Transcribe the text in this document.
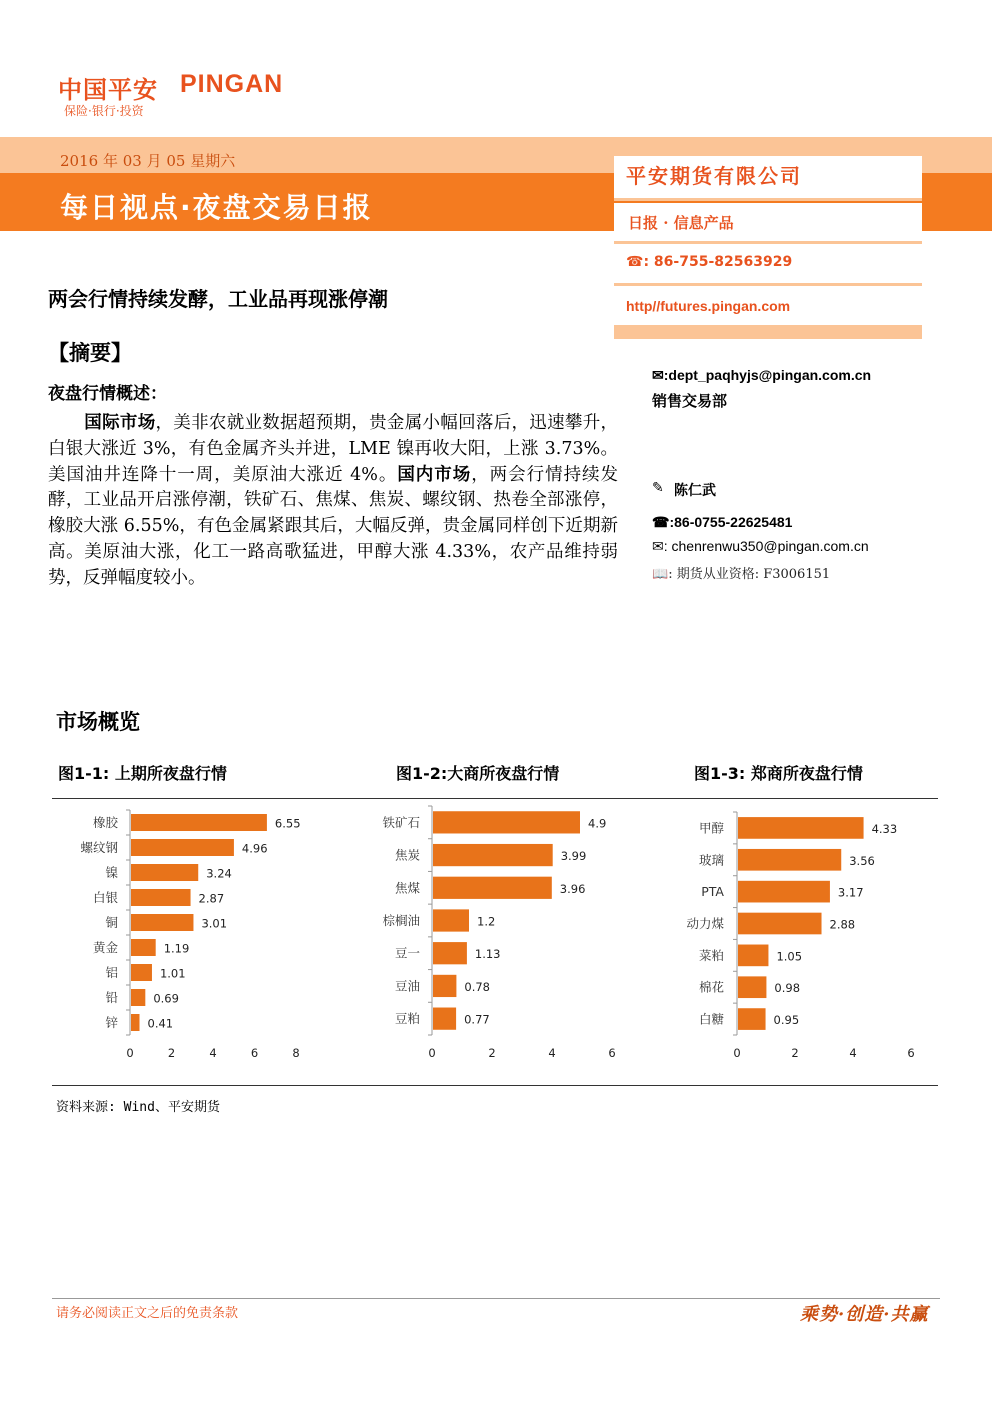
中国平安 PINGAN
保险·银行·投资
2016 年 03 月 05 星期六
每日视点·夜盘交易日报
平安期货有限公司
日报 · 信息产品
☎: 86-755-82563929
http//futures.pingan.com
✉:dept_paqhyjs@pingan.com.cn
销售交易部
✎ 陈仁武
☎:86-0755-22625481
✉: chenrenwu350@pingan.com.cn
📖: 期货从业资格: F3006151
两会行情持续发酵，工业品再现涨停潮
【摘要】
夜盘行情概述：
国际市场，美非农就业数据超预期，贵金属小幅回落后，迅速攀升，白银大涨近 3%，有色金属齐头并进，LME 镍再收大阳，上涨 3.73%。美国油井连降十一周，美原油大涨近 4%。国内市场，两会行情持续发酵，工业品开启涨停潮，铁矿石、焦煤、焦炭、螺纹钢、热卷全部涨停，橡胶大涨 6.55%，有色金属紧跟其后，大幅反弹，贵金属同样创下近期新高。美原油大涨，化工一路高歌猛进，甲醇大涨 4.33%，农产品维持弱势，反弹幅度较小。
市场概览
图1-1: 上期所夜盘行情	图1-2:大商所夜盘行情	图1-3: 郑商所夜盘行情
橡胶	6.55
螺纹钢	4.96
镍	3.24
白银	2.87
铜	3.01
黄金	1.19
铝	1.01
铅	0.69
锌	0.41
0	2	4	6	8
铁矿石	4.9
焦炭	3.99
焦煤	3.96
棕榈油	1.2
豆一	1.13
豆油	0.78
豆粕	0.77
0	2	4	6
甲醇	4.33
玻璃	3.56
PTA	3.17
动力煤	2.88
菜粕	1.05
棉花	0.98
白糖	0.95
0	2	4	6
资料来源: Wind、平安期货
请务必阅读正文之后的免责条款	乘势·创造·共赢
